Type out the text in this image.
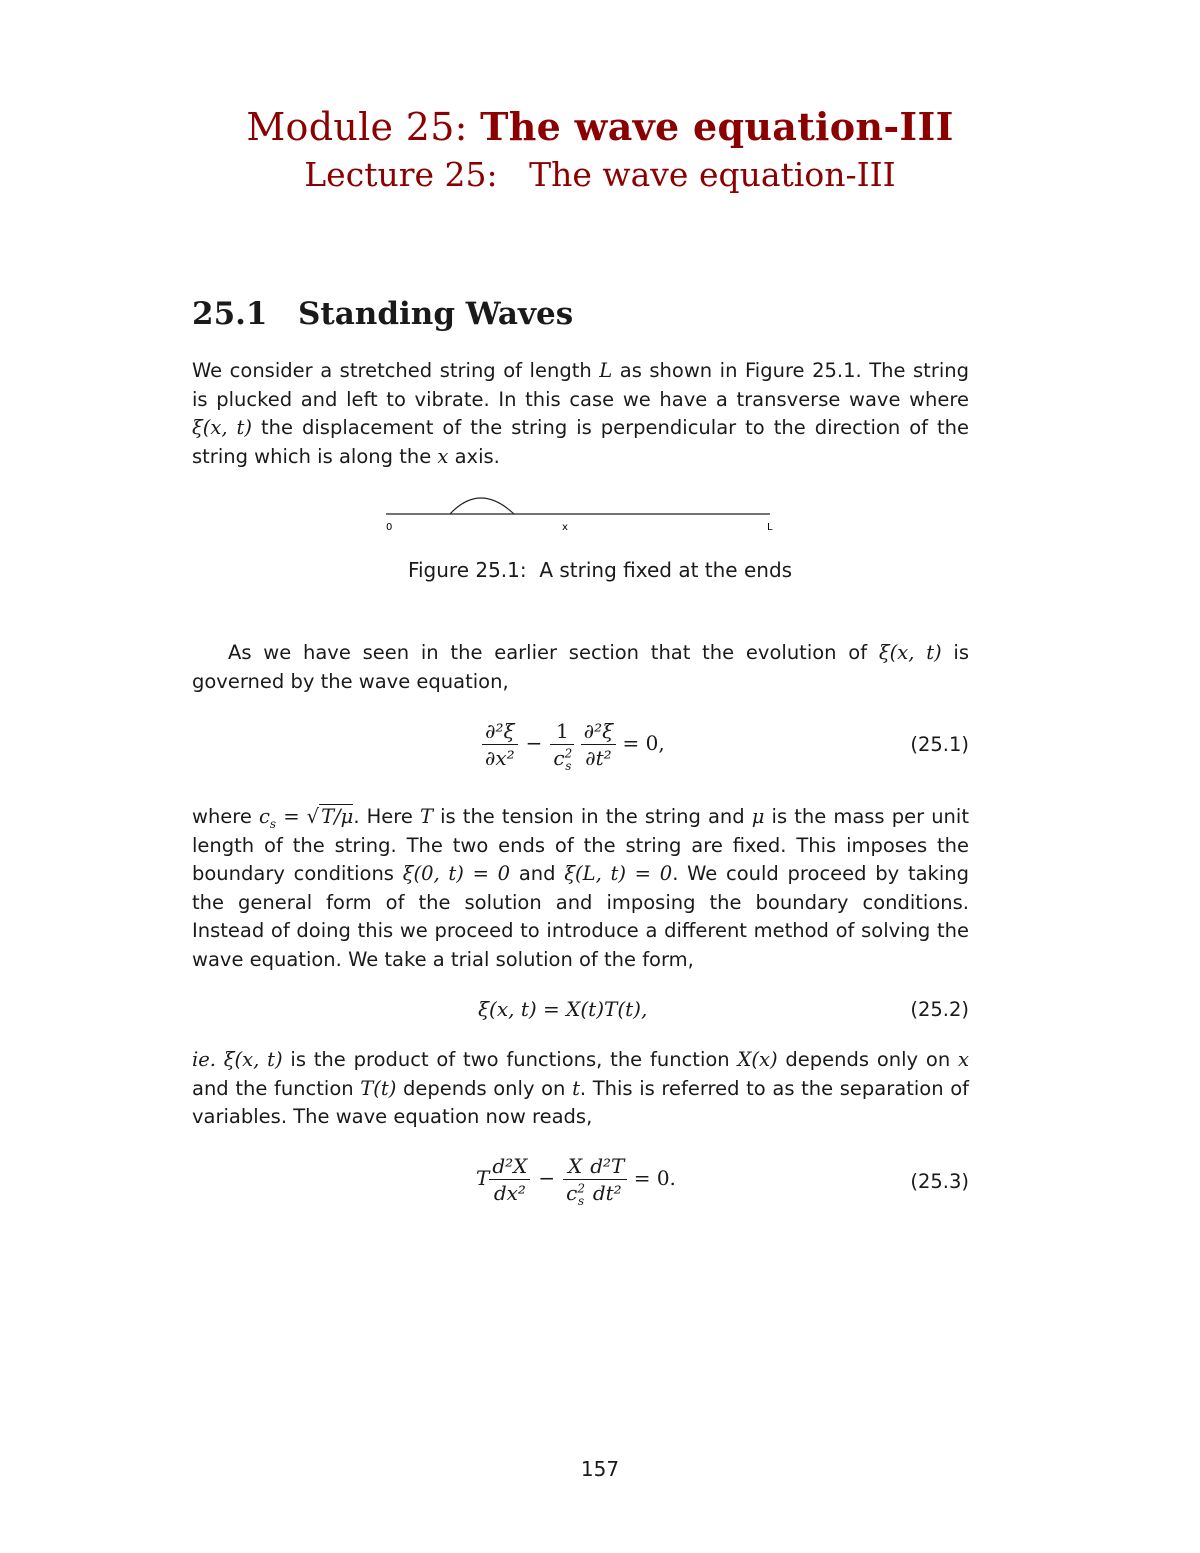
Module 25: The wave equation-III
Lecture 25:   The wave equation-III
25.1 Standing Waves

We consider a stretched string of length L as shown in Figure 25.1. The string is plucked and left to vibrate. In this case we have a transverse wave where ξ(x, t) the displacement of the string is perpendicular to the direction of the string which is along the x axis.

0	x	L
Figure 25.1:  A string fixed at the ends

As we have seen in the earlier section that the evolution of ξ(x, t) is governed by the wave equation,

$\frac{\text{∂²ξ}}{\text{∂x²}} - \frac{1}{c^2_s}$
$\frac{\text{∂²ξ}}{\text{∂t²}} = 0$,	(25.1)

where $c_s$ = √ T/μ. Here T is the tension in the string and μ is the mass per unit length of the string. The two ends of the string are fixed. This imposes the boundary conditions ξ(0, t) = 0 and ξ(L, t) = 0. We could proceed by taking the general form of the solution and imposing the boundary conditions. Instead of doing this we proceed to introduce a different method of solving the wave equation. We take a trial solution of the form,

ξ(x, t) = X(t)T(t),	(25.2)

ie. ξ(x, t) is the product of two functions, the function X(x) depends only on x and the function T(t) depends only on t. This is referred to as the separation of variables. The wave equation now reads,

T $\frac{\text{d²X}}{\text{dx²}} - \frac{X}{c^2_s} \frac{\text{d²T}}{\text{dt²}} = 0$.	(25.3)
157
